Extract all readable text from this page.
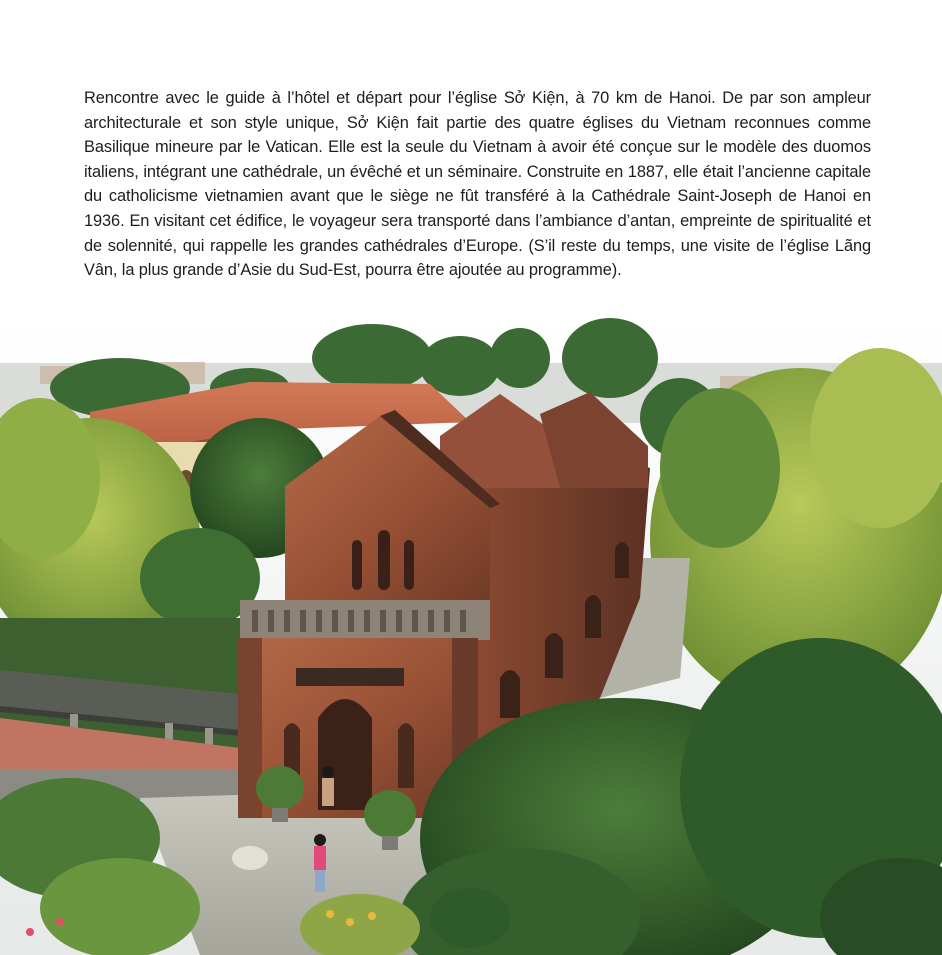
Rencontre avec le guide à l’hôtel et départ pour l’église Sở Kiện, à 70 km de Hanoi. De par son ampleur architecturale et son style unique, Sở Kiện fait partie des quatre églises du Vietnam reconnues comme Basilique mineure par le Vatican. Elle est la seule du Vietnam à avoir été conçue sur le modèle des duomos italiens, intégrant une cathédrale, un évêché et un séminaire. Construite en 1887, elle était l’ancienne capitale du catholicisme vietnamien avant que le siège ne fût transféré à la Cathédrale Saint-Joseph de Hanoi en 1936. En visitant cet édifice, le voyageur sera transporté dans l’ambiance d’antan, empreinte de spiritualité et de solennité, qui rappelle les grandes cathédrales d’Europe. (S’il reste du temps, une visite de l’église Lãng Vân, la plus grande d’Asie du Sud-Est, pourra être ajoutée au programme).
